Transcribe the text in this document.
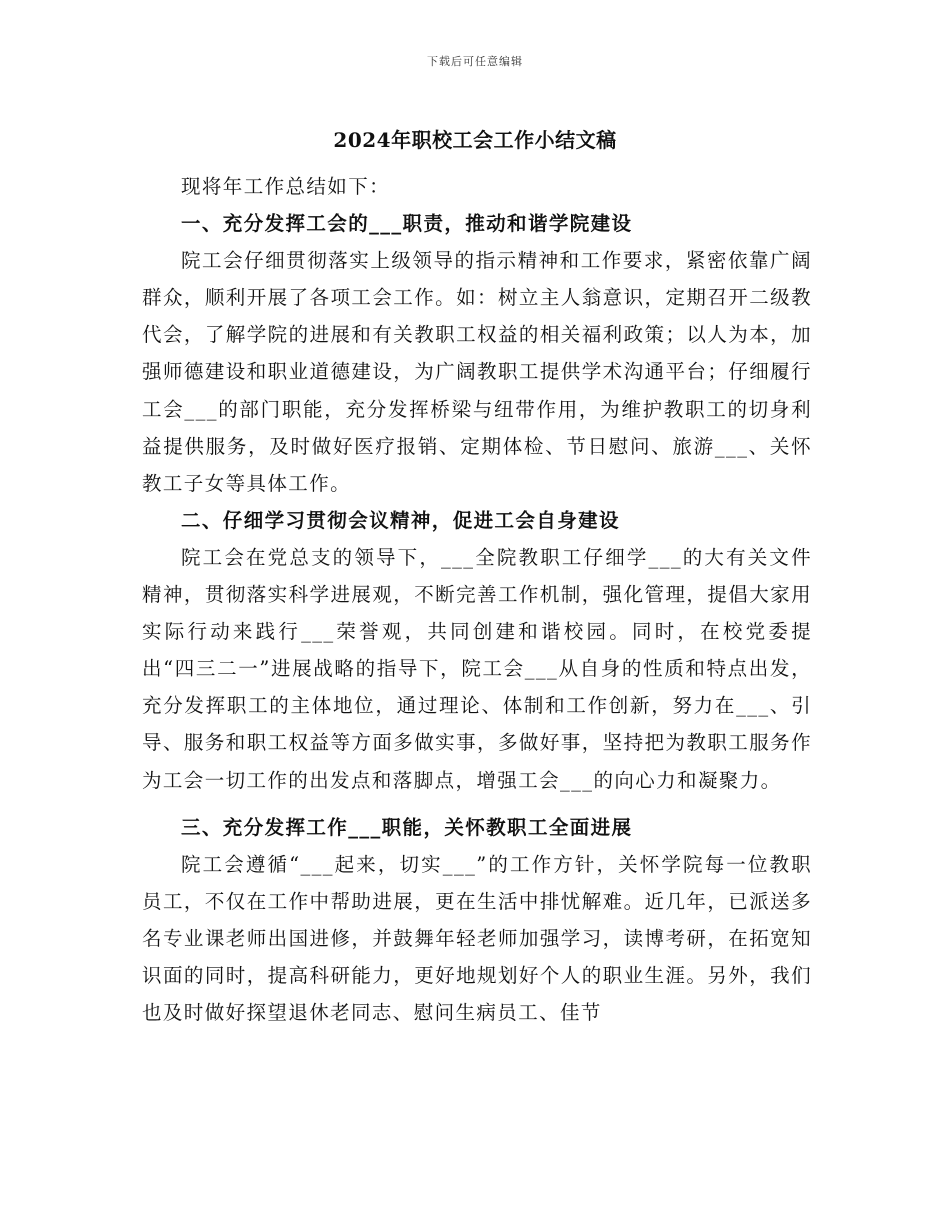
下载后可任意编辑
2024年职校工会工作小结文稿

现将年工作总结如下：

一、充分发挥工会的___职责，推动和谐学院建设

院工会仔细贯彻落实上级领导的指示精神和工作要求，紧密依靠广阔群众，顺利开展了各项工会工作。如：树立主人翁意识，定期召开二级教代会，了解学院的进展和有关教职工权益的相关福利政策；以人为本，加强师德建设和职业道德建设，为广阔教职工提供学术沟通平台；仔细履行工会___的部门职能，充分发挥桥梁与纽带作用，为维护教职工的切身利益提供服务，及时做好医疗报销、定期体检、节日慰问、旅游___、关怀教工子女等具体工作。

二、仔细学习贯彻会议精神，促进工会自身建设

院工会在党总支的领导下，___全院教职工仔细学___的大有关文件精神，贯彻落实科学进展观，不断完善工作机制，强化管理，提倡大家用实际行动来践行___荣誉观，共同创建和谐校园。同时，在校党委提出“四三二一”进展战略的指导下，院工会___从自身的性质和特点出发，充分发挥职工的主体地位，通过理论、体制和工作创新，努力在___、引导、服务和职工权益等方面多做实事，多做好事，坚持把为教职工服务作为工会一切工作的出发点和落脚点，增强工会___的向心力和凝聚力。

三、充分发挥工作___职能，关怀教职工全面进展

院工会遵循“___起来，切实___”的工作方针，关怀学院每一位教职员工，不仅在工作中帮助进展，更在生活中排忧解难。近几年，已派送多名专业课老师出国进修，并鼓舞年轻老师加强学习，读博考研，在拓宽知识面的同时，提高科研能力，更好地规划好个人的职业生涯。另外，我们也及时做好探望退休老同志、慰问生病员工、佳节
